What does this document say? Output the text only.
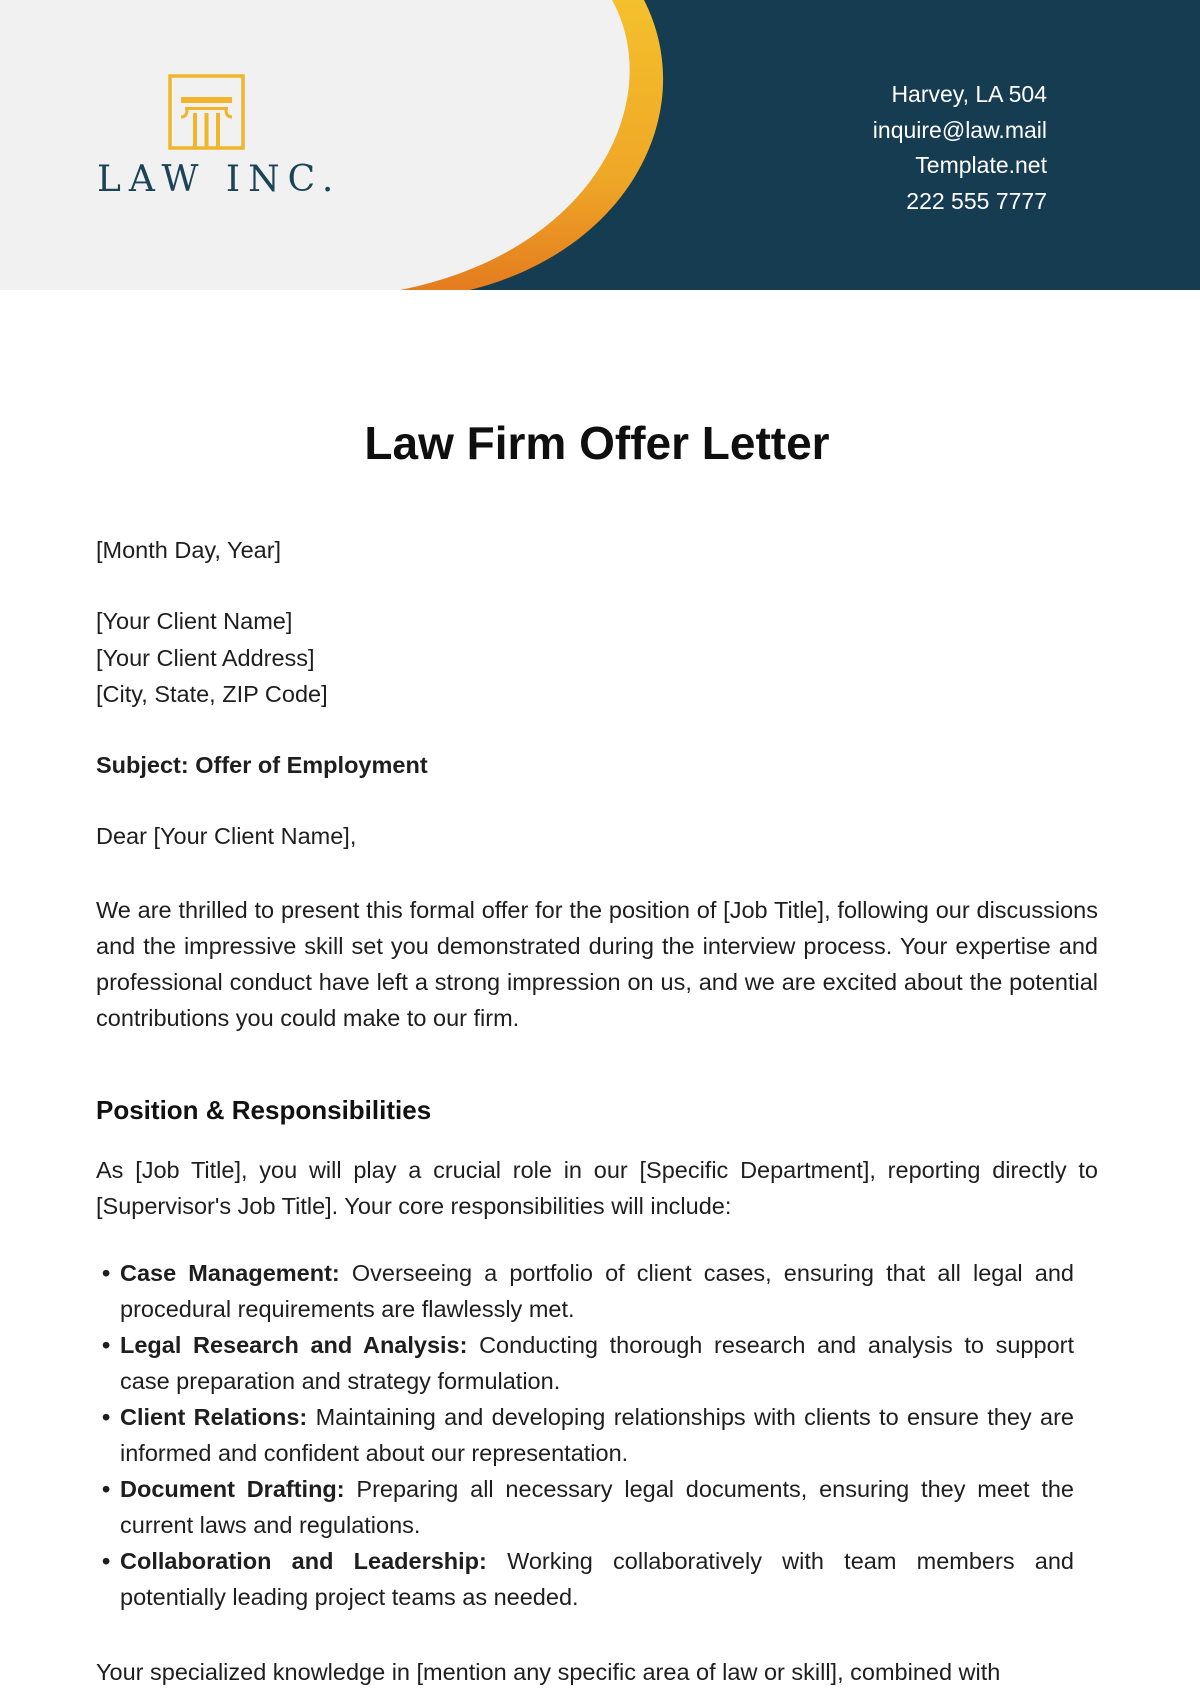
LAW INC.
Harvey, LA 504
inquire@law.mail
Template.net
222 555 7777
Law Firm Offer Letter
[Month Day, Year]
[Your Client Name]
[Your Client Address]
[City, State, ZIP Code]
Subject: Offer of Employment
Dear [Your Client Name],
We are thrilled to present this formal offer for the position of [Job Title], following our discussions and the impressive skill set you demonstrated during the interview process. Your expertise and professional conduct have left a strong impression on us, and we are excited about the potential contributions you could make to our firm.
Position & Responsibilities
As [Job Title], you will play a crucial role in our [Specific Department], reporting directly to [Supervisor's Job Title]. Your core responsibilities will include:
• Case Management: Overseeing a portfolio of client cases, ensuring that all legal and procedural requirements are flawlessly met.
• Legal Research and Analysis: Conducting thorough research and analysis to support case preparation and strategy formulation.
• Client Relations: Maintaining and developing relationships with clients to ensure they are informed and confident about our representation.
• Document Drafting: Preparing all necessary legal documents, ensuring they meet the current laws and regulations.
• Collaboration and Leadership: Working collaboratively with team members and potentially leading project teams as needed.
Your specialized knowledge in [mention any specific area of law or skill], combined with
